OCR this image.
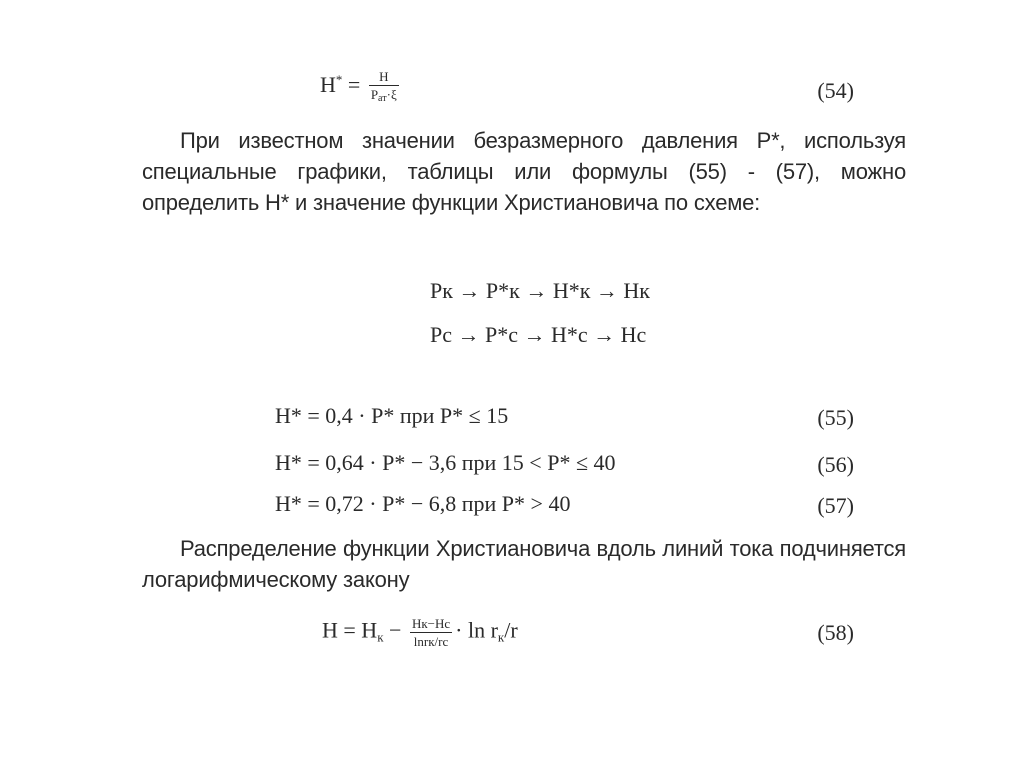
$H^* = \frac{H}{P_{ат}\cdot\xi}$	(54)
При известном значении безразмерного давления P*, используя специальные графики, таблицы или формулы (55) - (57), можно определить H* и значение функции Христиановича по схеме:
Pк → P*к → H*к → Hк
Pс → P*с → H*с → Hс
H* = 0,4 · P* при P* ≤ 15	(55)
H* = 0,64 · P* − 3,6 при 15 < P* ≤ 40	(56)
H* = 0,72 · P* − 6,8 при P* > 40	(57)
Распределение функции Христиановича вдоль линий тока подчиняется логарифмическому закону
$H = H_к - \frac{Hк-Hс}{\ln rк/rс} \cdot \ln r_к/r$	(58)
